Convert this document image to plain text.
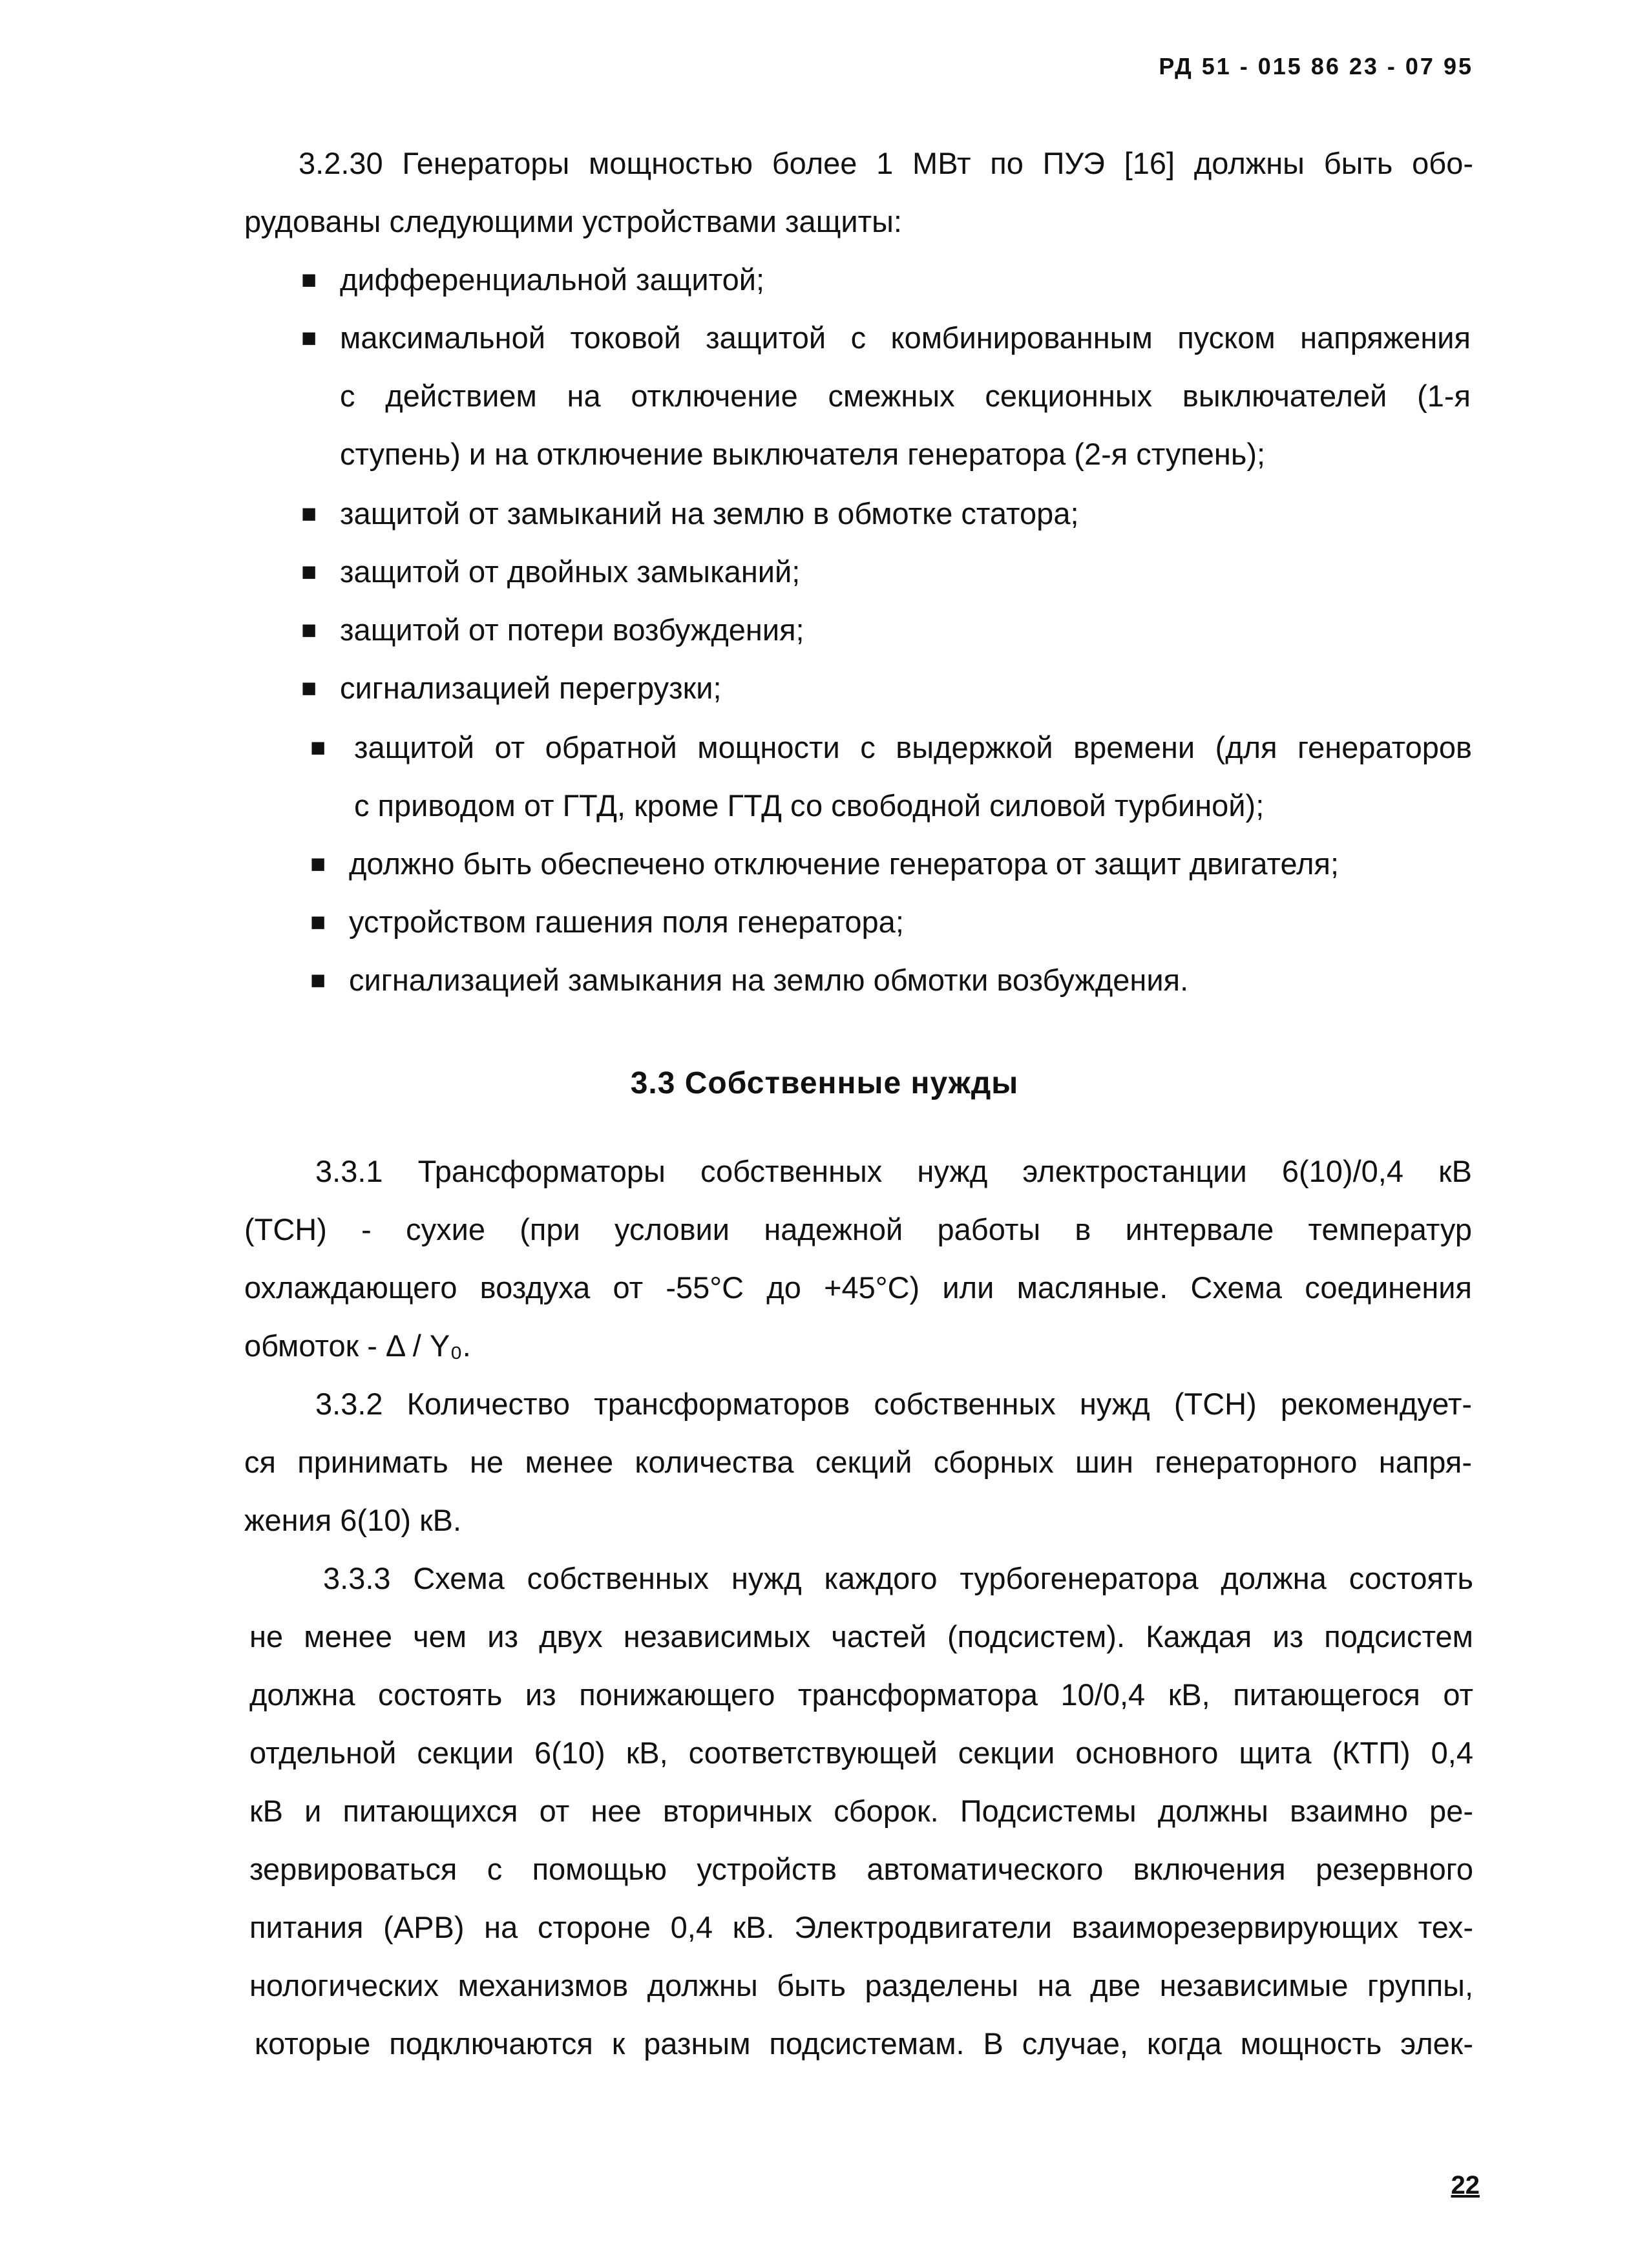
РД 51 - 015 86 23 - 07 95
3.2.30 Генераторы мощностью более 1 МВт по ПУЭ [16] должны быть обо-
рудованы следующими устройствами защиты:
■ дифференциальной защитой;
■ максимальной токовой защитой с комбинированным пуском напряжения
с действием на отключение смежных секционных выключателей (1-я
ступень) и на отключение выключателя генератора (2-я ступень);
■ защитой от замыканий на землю в обмотке статора;
■ защитой от двойных замыканий;
■ защитой от потери возбуждения;
■ сигнализацией перегрузки;
■ защитой от обратной мощности с выдержкой времени (для генераторов
с приводом от ГТД, кроме ГТД со свободной силовой турбиной);
■ должно быть обеспечено отключение генератора от защит двигателя;
■ устройством гашения поля генератора;
■ сигнализацией замыкания на землю обмотки возбуждения.
3.3 Собственные нужды
3.3.1 Трансформаторы собственных нужд электростанции 6(10)/0,4 кВ
(ТСН) - сухие (при условии надежной работы в интервале температур
охлаждающего воздуха от -55°С до +45°С) или масляные. Схема соединения
обмоток - Δ / Y₀.
3.3.2 Количество трансформаторов собственных нужд (ТСН) рекомендует-
ся принимать не менее количества секций сборных шин генераторного напря-
жения 6(10) кВ.
3.3.3 Схема собственных нужд каждого турбогенератора должна состоять
не менее чем из двух независимых частей (подсистем). Каждая из подсистем
должна состоять из понижающего трансформатора 10/0,4 кВ, питающегося от
отдельной секции 6(10) кВ, соответствующей секции основного щита (КТП) 0,4
кВ и питающихся от нее вторичных сборок. Подсистемы должны взаимно ре-
зервироваться с помощью устройств автоматического включения резервного
питания (АРВ) на стороне 0,4 кВ. Электродвигатели взаиморезервирующих тех-
нологических механизмов должны быть разделены на две независимые группы,
которые подключаются к разным подсистемам. В случае, когда мощность элек-
22
